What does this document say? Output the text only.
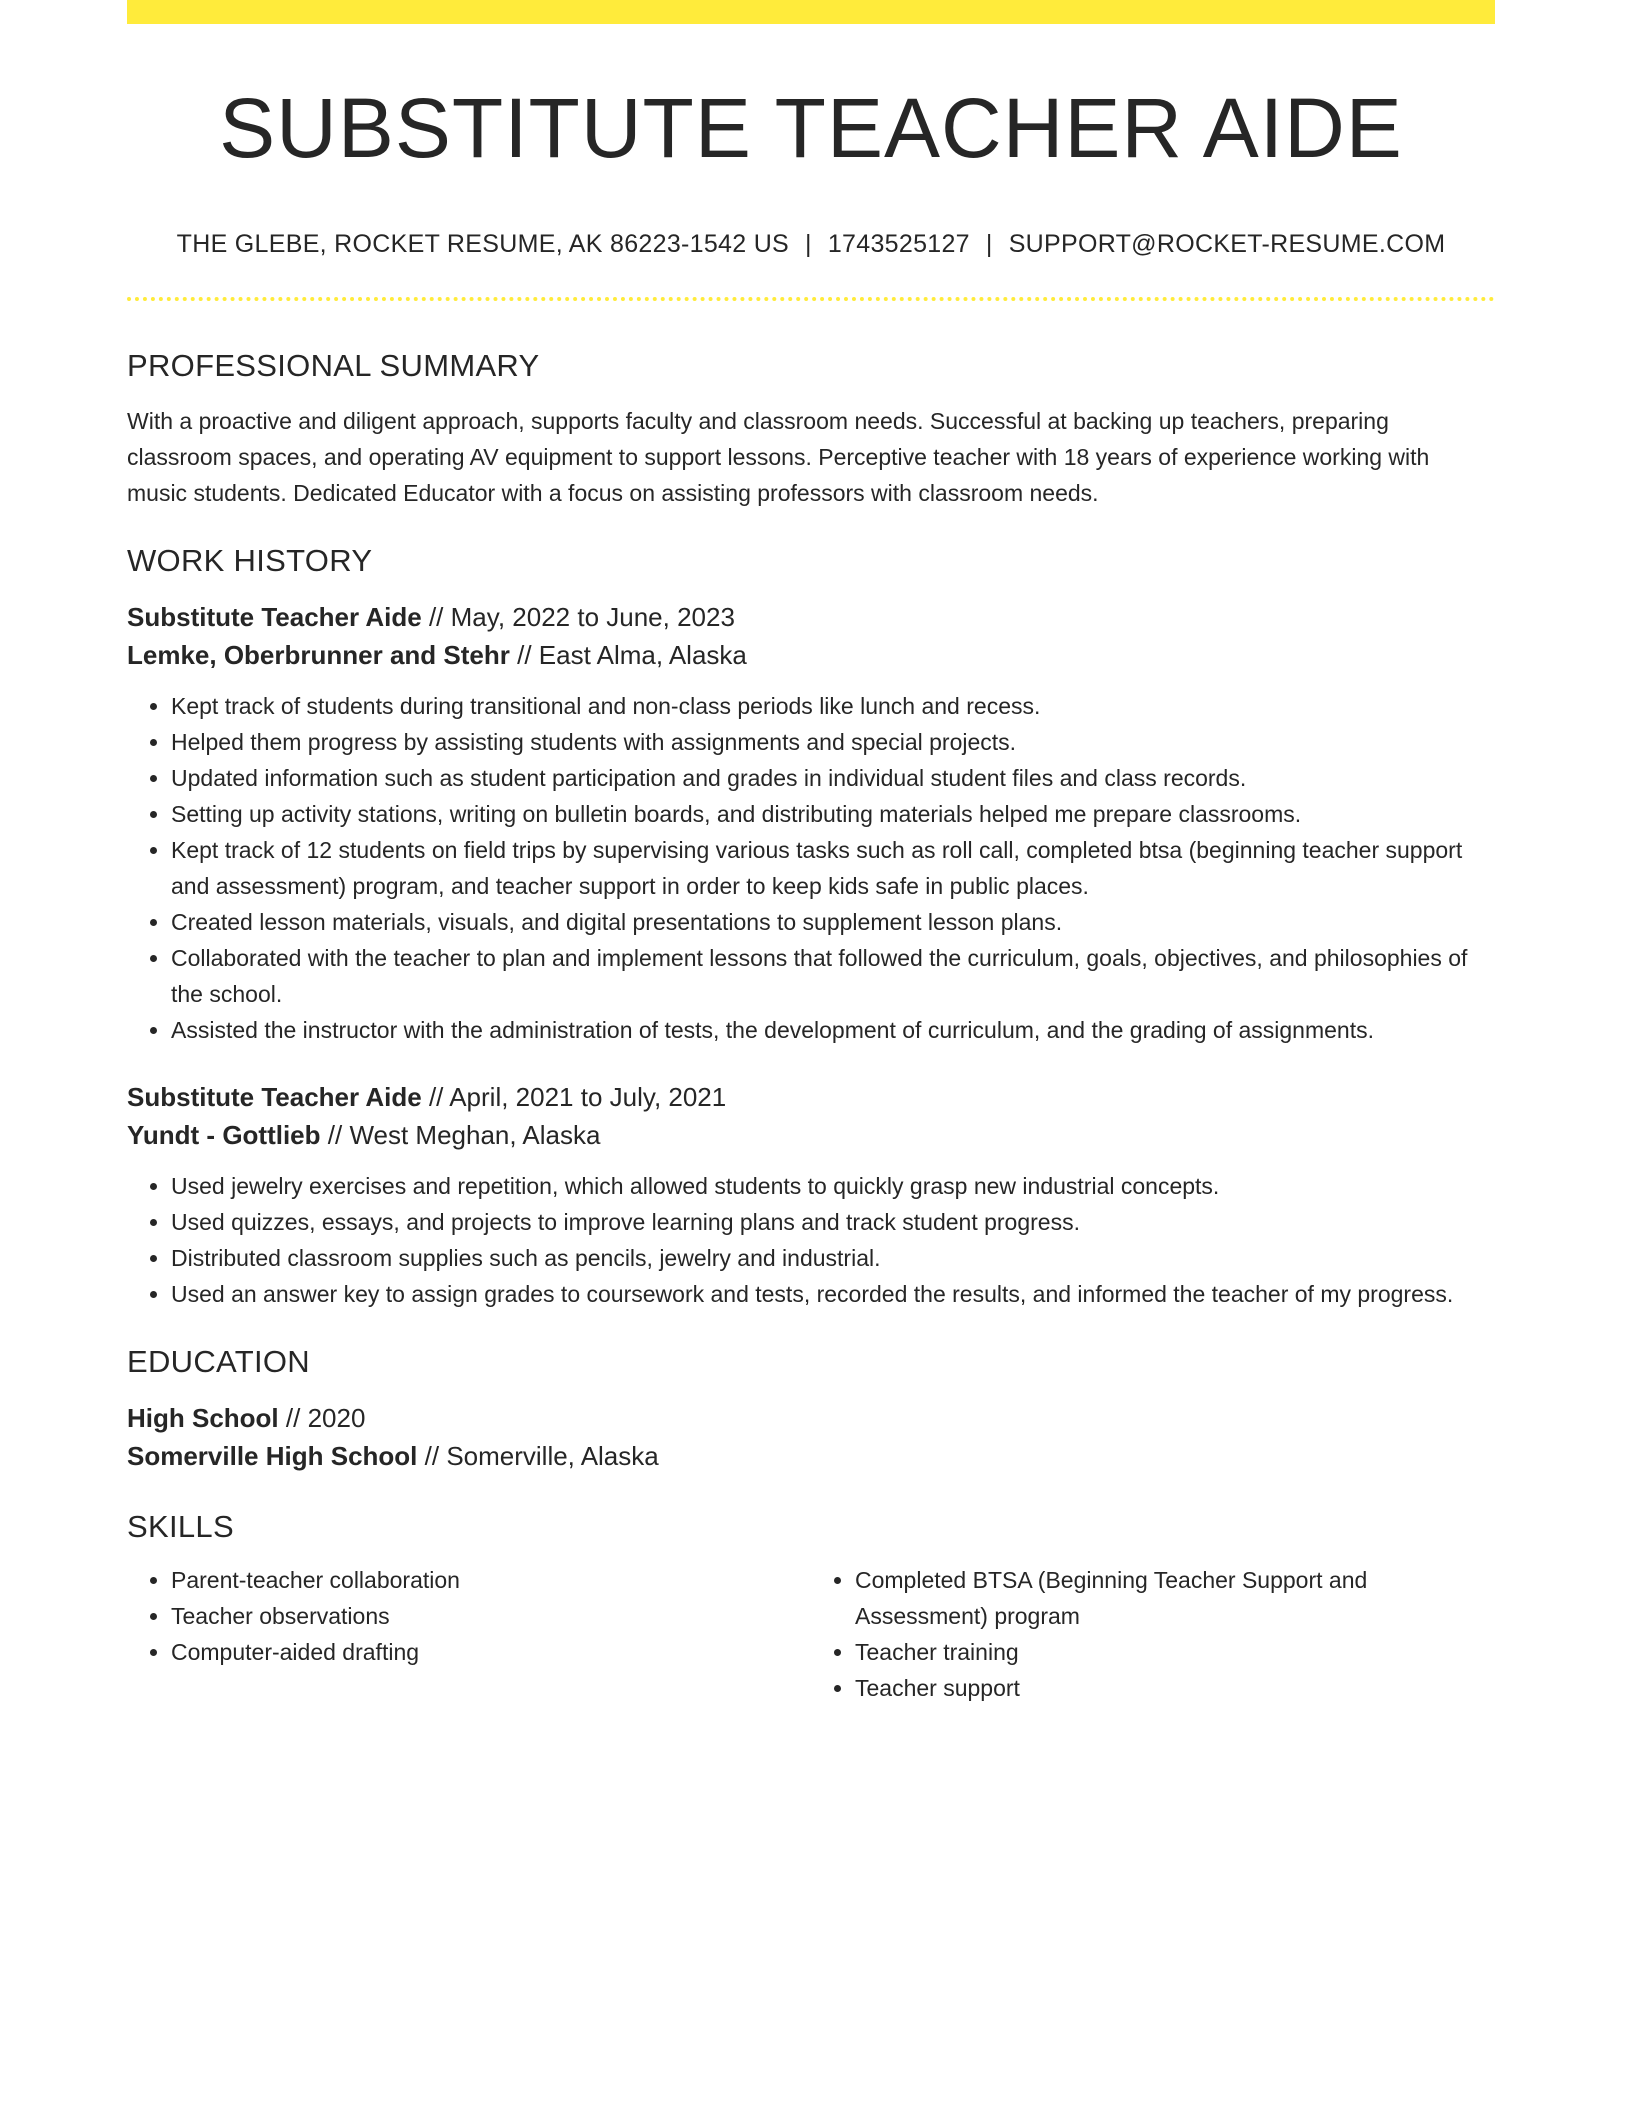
SUBSTITUTE TEACHER AIDE
THE GLEBE, ROCKET RESUME, AK 86223-1542 US | 1743525127 | SUPPORT@ROCKET-RESUME.COM
PROFESSIONAL SUMMARY

With a proactive and diligent approach, supports faculty and classroom needs. Successful at backing up teachers, preparing classroom spaces, and operating AV equipment to support lessons. Perceptive teacher with 18 years of experience working with music students. Dedicated Educator with a focus on assisting professors with classroom needs.

WORK HISTORY

Substitute Teacher Aide // May, 2022 to June, 2023

Lemke, Oberbrunner and Stehr // East Alma, Alaska

• Kept track of students during transitional and non-class periods like lunch and recess.
• Helped them progress by assisting students with assignments and special projects.
• Updated information such as student participation and grades in individual student files and class records.
• Setting up activity stations, writing on bulletin boards, and distributing materials helped me prepare classrooms.
• Kept track of 12 students on field trips by supervising various tasks such as roll call, completed btsa (beginning teacher support and assessment) program, and teacher support in order to keep kids safe in public places.
• Created lesson materials, visuals, and digital presentations to supplement lesson plans.
• Collaborated with the teacher to plan and implement lessons that followed the curriculum, goals, objectives, and philosophies of the school.
• Assisted the instructor with the administration of tests, the development of curriculum, and the grading of assignments.

Substitute Teacher Aide // April, 2021 to July, 2021

Yundt - Gottlieb // West Meghan, Alaska

• Used jewelry exercises and repetition, which allowed students to quickly grasp new industrial concepts.
• Used quizzes, essays, and projects to improve learning plans and track student progress.
• Distributed classroom supplies such as pencils, jewelry and industrial.
• Used an answer key to assign grades to coursework and tests, recorded the results, and informed the teacher of my progress.
EDUCATION

High School // 2020

Somerville High School // Somerville, Alaska

SKILLS
• Parent-teacher collaboration
• Teacher observations
• Computer-aided drafting
• Completed BTSA (Beginning Teacher Support and Assessment) program
• Teacher training
• Teacher support
